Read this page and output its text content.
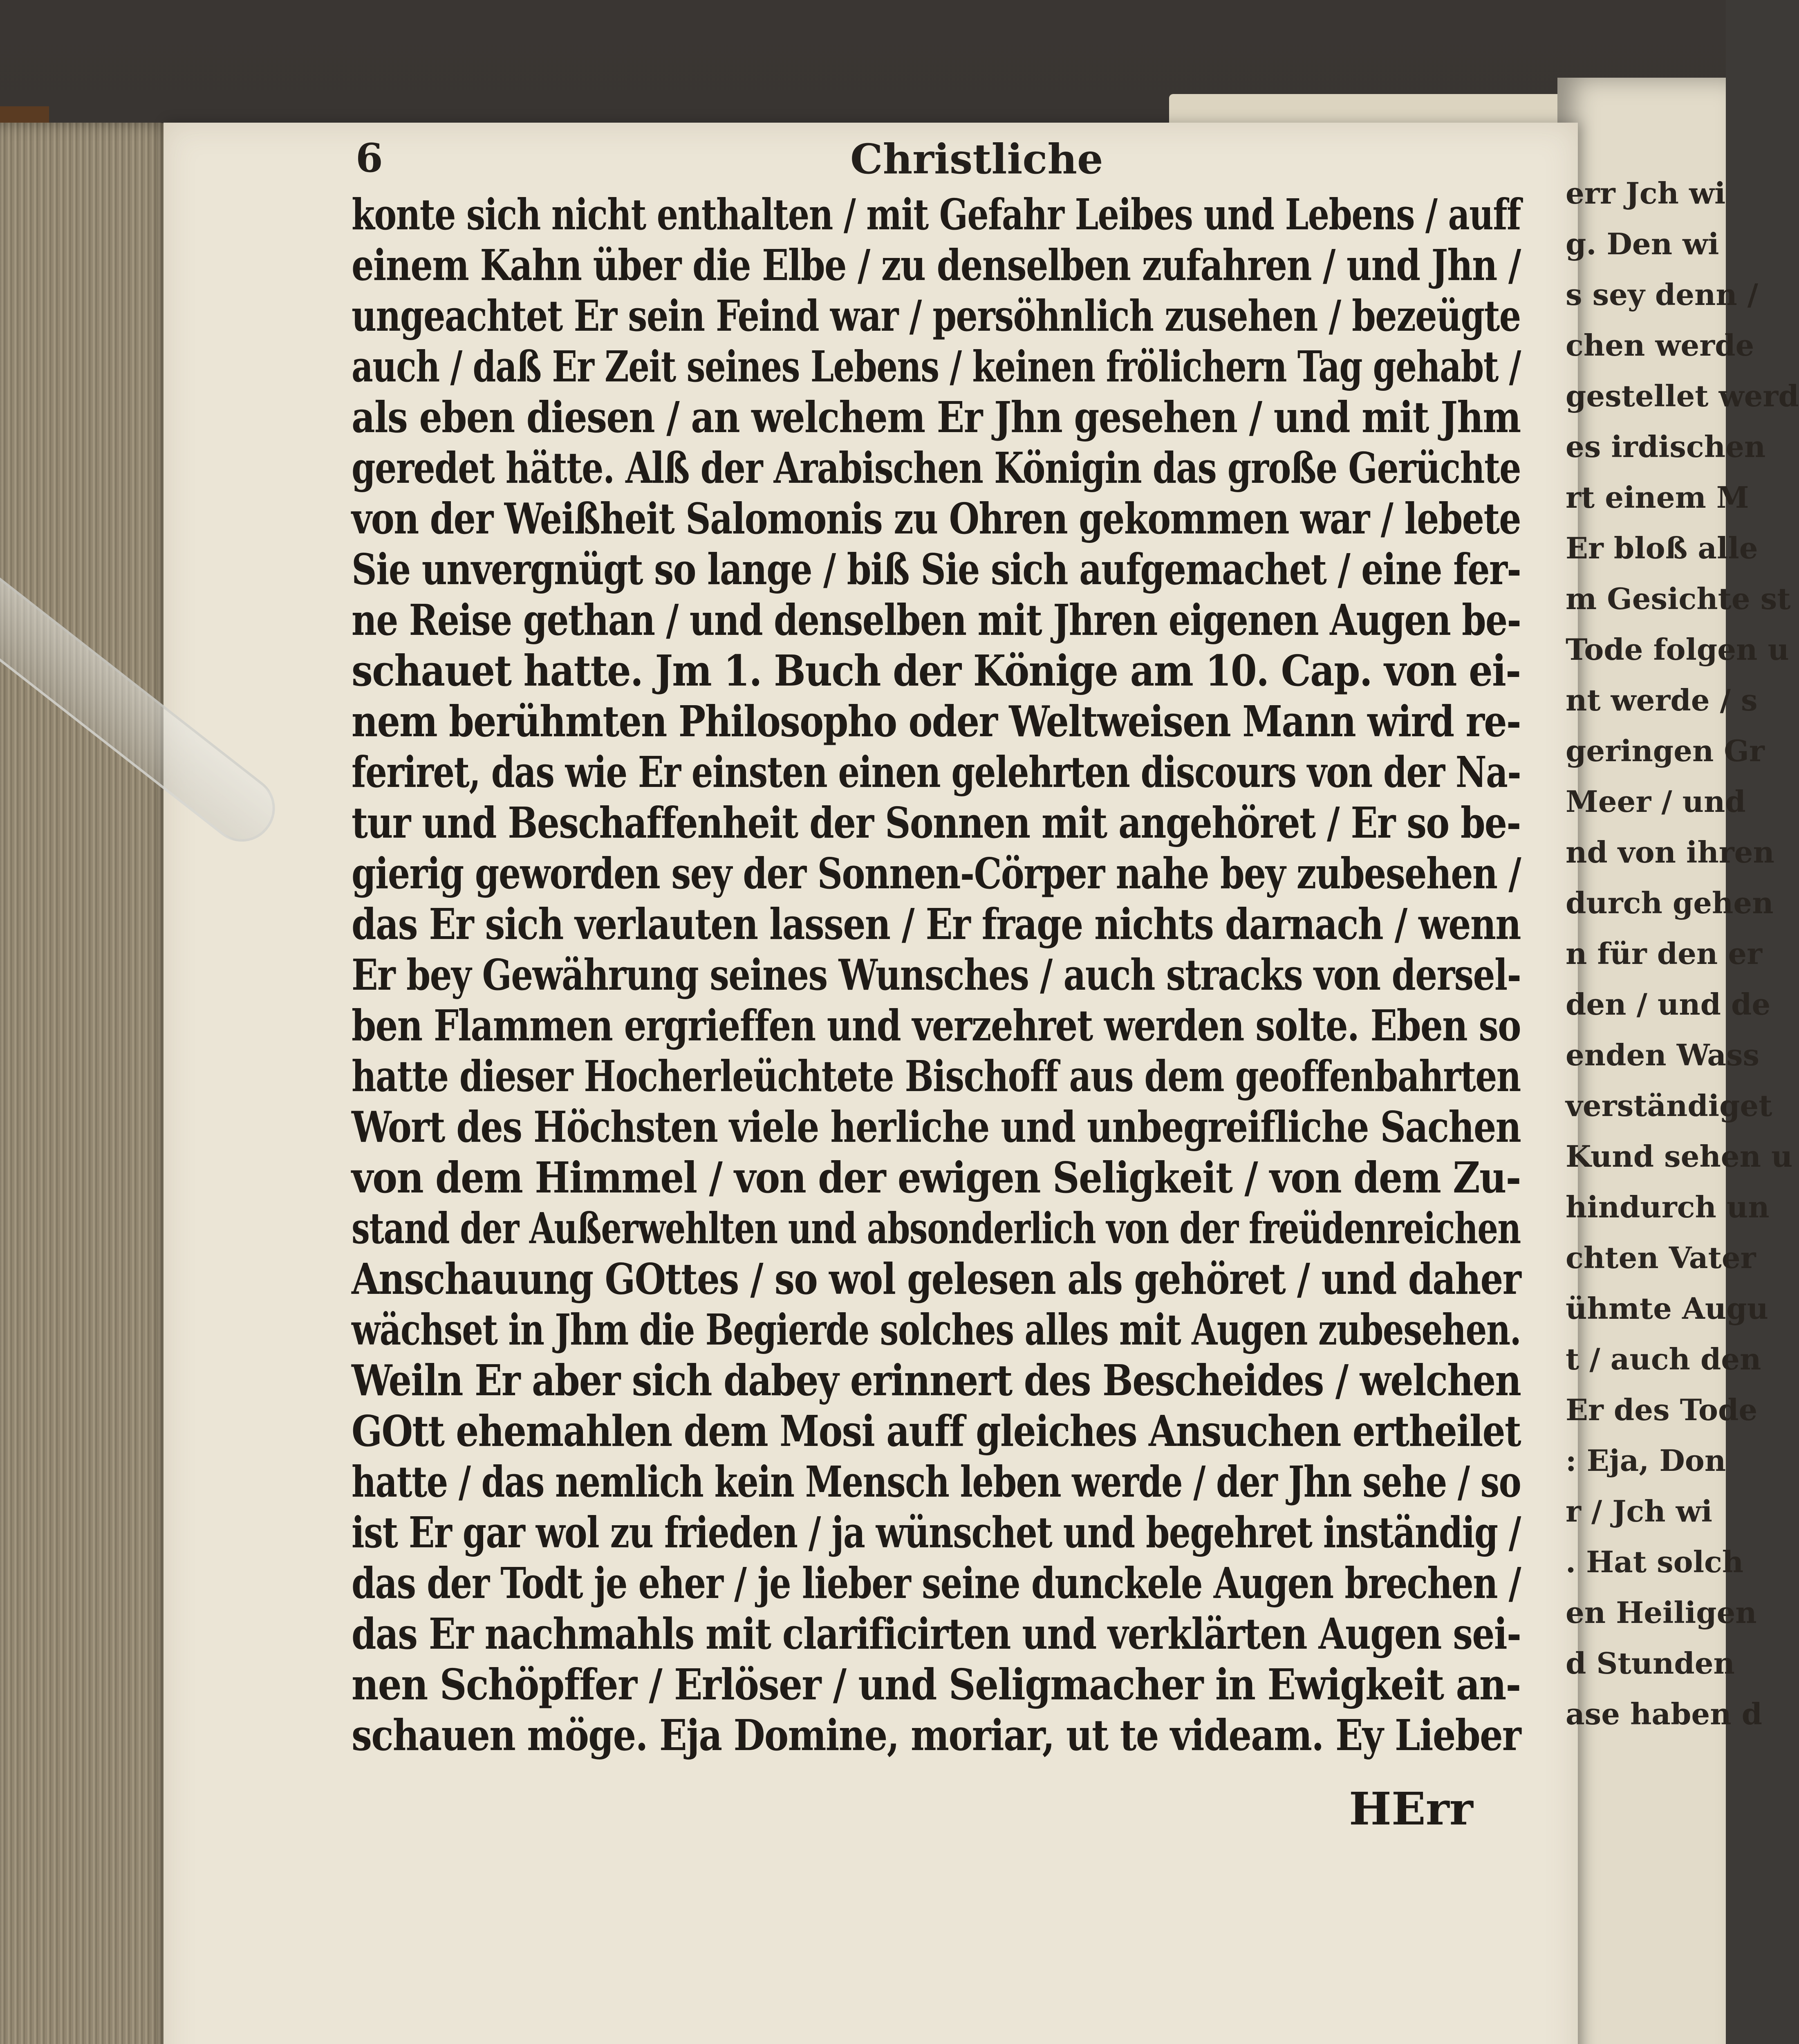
6	Christliche
konte sich nicht enthalten / mit Gefahr Leibes und Lebens / auff
einem Kahn über die Elbe / zu denselben zufahren / und Jhn /
ungeachtet Er sein Feind war / persöhnlich zusehen / bezeügte
auch / daß Er Zeit seines Lebens / keinen frölichern Tag gehabt /
als eben diesen / an welchem Er Jhn gesehen / und mit Jhm
geredet hätte. Alß der Arabischen Königin das große Gerüchte
von der Weißheit Salomonis zu Ohren gekommen war / lebete
Sie unvergnügt so lange / biß Sie sich aufgemachet / eine fer-
ne Reise gethan / und denselben mit Jhren eigenen Augen be-
schauet hatte. Jm 1. Buch der Könige am 10. Cap. von ei-
nem berühmten Philosopho oder Weltweisen Mann wird re-
feriret, das wie Er einsten einen gelehrten discours von der Na-
tur und Beschaffenheit der Sonnen mit angehöret / Er so be-
gierig geworden sey der Sonnen-Cörper nahe bey zubesehen /
das Er sich verlauten lassen / Er frage nichts darnach / wenn
Er bey Gewährung seines Wunsches / auch stracks von dersel-
ben Flammen ergrieffen und verzehret werden solte. Eben so
hatte dieser Hocherleüchtete Bischoff aus dem geoffenbahrten
Wort des Höchsten viele herliche und unbegreifliche Sachen
von dem Himmel / von der ewigen Seligkeit / von dem Zu-
stand der Außerwehlten und absonderlich von der freüdenreichen
Anschauung GOttes / so wol gelesen als gehöret / und daher
wächset in Jhm die Begierde solches alles mit Augen zubesehen.
Weiln Er aber sich dabey erinnert des Bescheides / welchen
GOtt ehemahlen dem Mosi auff gleiches Ansuchen ertheilet
hatte / das nemlich kein Mensch leben werde / der Jhn sehe / so
ist Er gar wol zu frieden / ja wünschet und begehret inständig /
das der Todt je eher / je lieber seine dunckele Augen brechen /
das Er nachmahls mit clarificirten und verklärten Augen sei-
nen Schöpffer / Erlöser / und Seligmacher in Ewigkeit an-
schauen möge. Eja Domine, moriar, ut te videam. Ey Lieber
HErr
err Jch wi
g. Den wi
s sey denn /
chen werde
gestellet werd
es irdischen
rt einem M
Er bloß alle
m Gesichte st
Tode folgen u
nt werde / s
geringen Gr
Meer / und
nd von ihren
durch gehen
n für den er
den / und de
enden Wass
verständiget
Kund sehen u
hindurch un
chten Vater
ühmte Augu
t / auch den
Er des Tode
: Eja, Don
r / Jch wi
. Hat solch
en Heiligen
d Stunden
ase haben d
